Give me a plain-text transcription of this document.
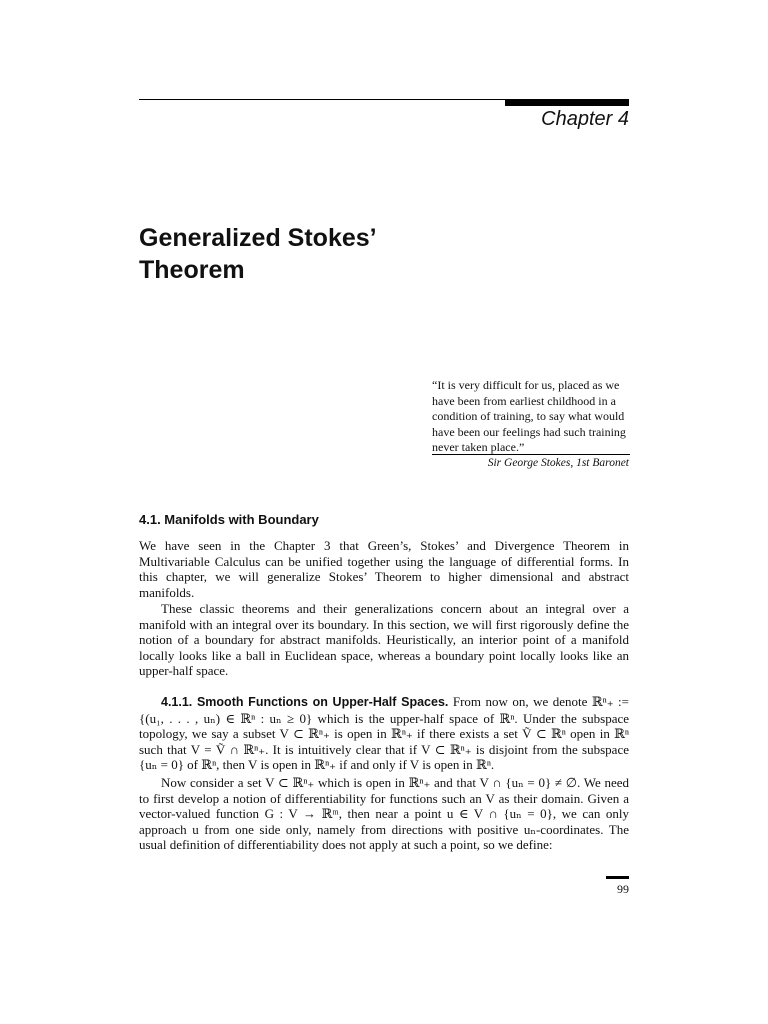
Chapter 4
Generalized Stokes’
Theorem
“It is very difficult for us, placed as we have been from earliest childhood in a condition of training, to say what would have been our feelings had such training never taken place.”
Sir George Stokes, 1st Baronet
4.1. Manifolds with Boundary

We have seen in the Chapter 3 that Green’s, Stokes’ and Divergence Theorem in Multivariable Calculus can be unified together using the language of differential forms. In this chapter, we will generalize Stokes’ Theorem to higher dimensional and abstract manifolds.

These classic theorems and their generalizations concern about an integral over a manifold with an integral over its boundary. In this section, we will first rigorously define the notion of a boundary for abstract manifolds. Heuristically, an interior point of a manifold locally looks like a ball in Euclidean space, whereas a boundary point locally looks like an upper-half space.

4.1.1. Smooth Functions on Upper-Half Spaces. From now on, we denote ℝⁿ₊ := {(u₁, . . . , uₙ) ∈ ℝⁿ : uₙ ≥ 0} which is the upper-half space of ℝⁿ. Under the subspace topology, we say a subset V ⊂ ℝⁿ₊ is open in ℝⁿ₊ if there exists a set Ṽ ⊂ ℝⁿ open in ℝⁿ such that V = Ṽ ∩ ℝⁿ₊. It is intuitively clear that if V ⊂ ℝⁿ₊ is disjoint from the subspace {uₙ = 0} of ℝⁿ, then V is open in ℝⁿ₊ if and only if V is open in ℝⁿ.

Now consider a set V ⊂ ℝⁿ₊ which is open in ℝⁿ₊ and that V ∩ {uₙ = 0} ≠ ∅. We need to first develop a notion of differentiability for functions such an V as their domain. Given a vector-valued function G : V → ℝᵐ, then near a point u ∈ V ∩ {uₙ = 0}, we can only approach u from one side only, namely from directions with positive uₙ-coordinates. The usual definition of differentiability does not apply at such a point, so we define:

99
